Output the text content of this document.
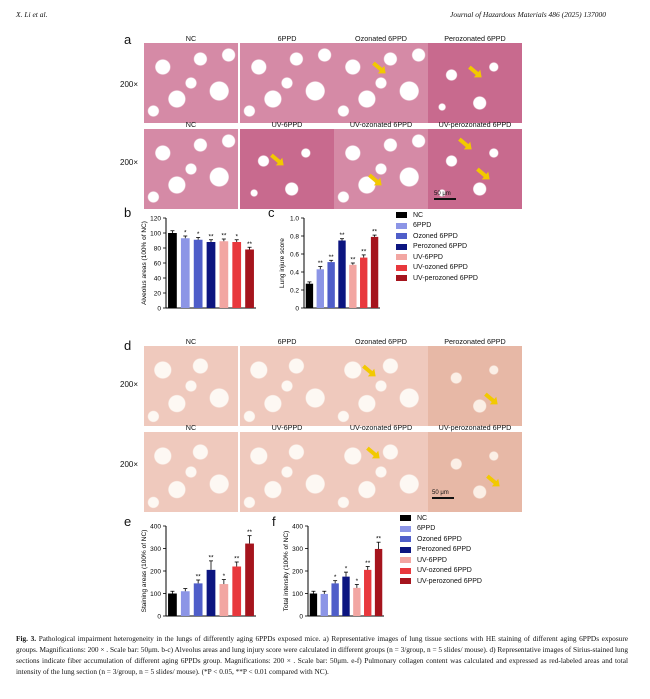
X. Li et al.	Journal of Hazardous Materials 486 (2025) 137000
a	NC	6PPD	Ozonated 6PPD	Perozonated 6PPD
200×
NC	UV-6PPD	UV-ozonated 6PPD	UV-perozonated 6PPD
200×
50 μm
b	c
0
20
40
60
80
100
120
Alveolus areas (100% of NC)	* * ** ** *
**
0
0.2
0.4
0.6
0.8
1.0
Lung injure score	**
**
**
**
**
**
NC
6PPD
Ozoned 6PPD
Perozoned 6PPD
UV-6PPD
UV-ozoned 6PPD
UV-perozoned 6PPD
d	NC	6PPD	Ozonated 6PPD	Perozonated 6PPD
200×
NC	UV-6PPD	UV-ozonated 6PPD	UV-perozonated 6PPD
200×
50 μm
e	f
0
100
200
300
400
Staining areas (100% of NC)	**
**
*
**
**
0
100
200
300
400
Total intensity (100% of NC)	*
*
*
**
**
NC
6PPD
Ozoned 6PPD
Perozoned 6PPD
UV-6PPD
UV-ozoned 6PPD
UV-perozoned 6PPD
Fig. 3. Pathological impairment heterogeneity in the lungs of differently aging 6PPDs exposed mice. a) Representative images of lung tissue sections with HE staining of different aging 6PPDs exposure groups. Magnifications: 200 × . Scale bar: 50μm. b-c) Alveolus areas and lung injury score were calculated in different groups (n = 3/group, n = 5 slides/ mouse). d) Representative images of Sirius-stained lung sections indicate fiber accumulation of different aging 6PPDs group. Magnifications: 200 × . Scale bar: 50μm. e-f) Pulmonary collagen content was calculated and expressed as red-labeled areas and total intensity of the lung section (n = 3/group, n = 5 slides/ mouse). (*P < 0.05, **P < 0.01 compared with NC).
